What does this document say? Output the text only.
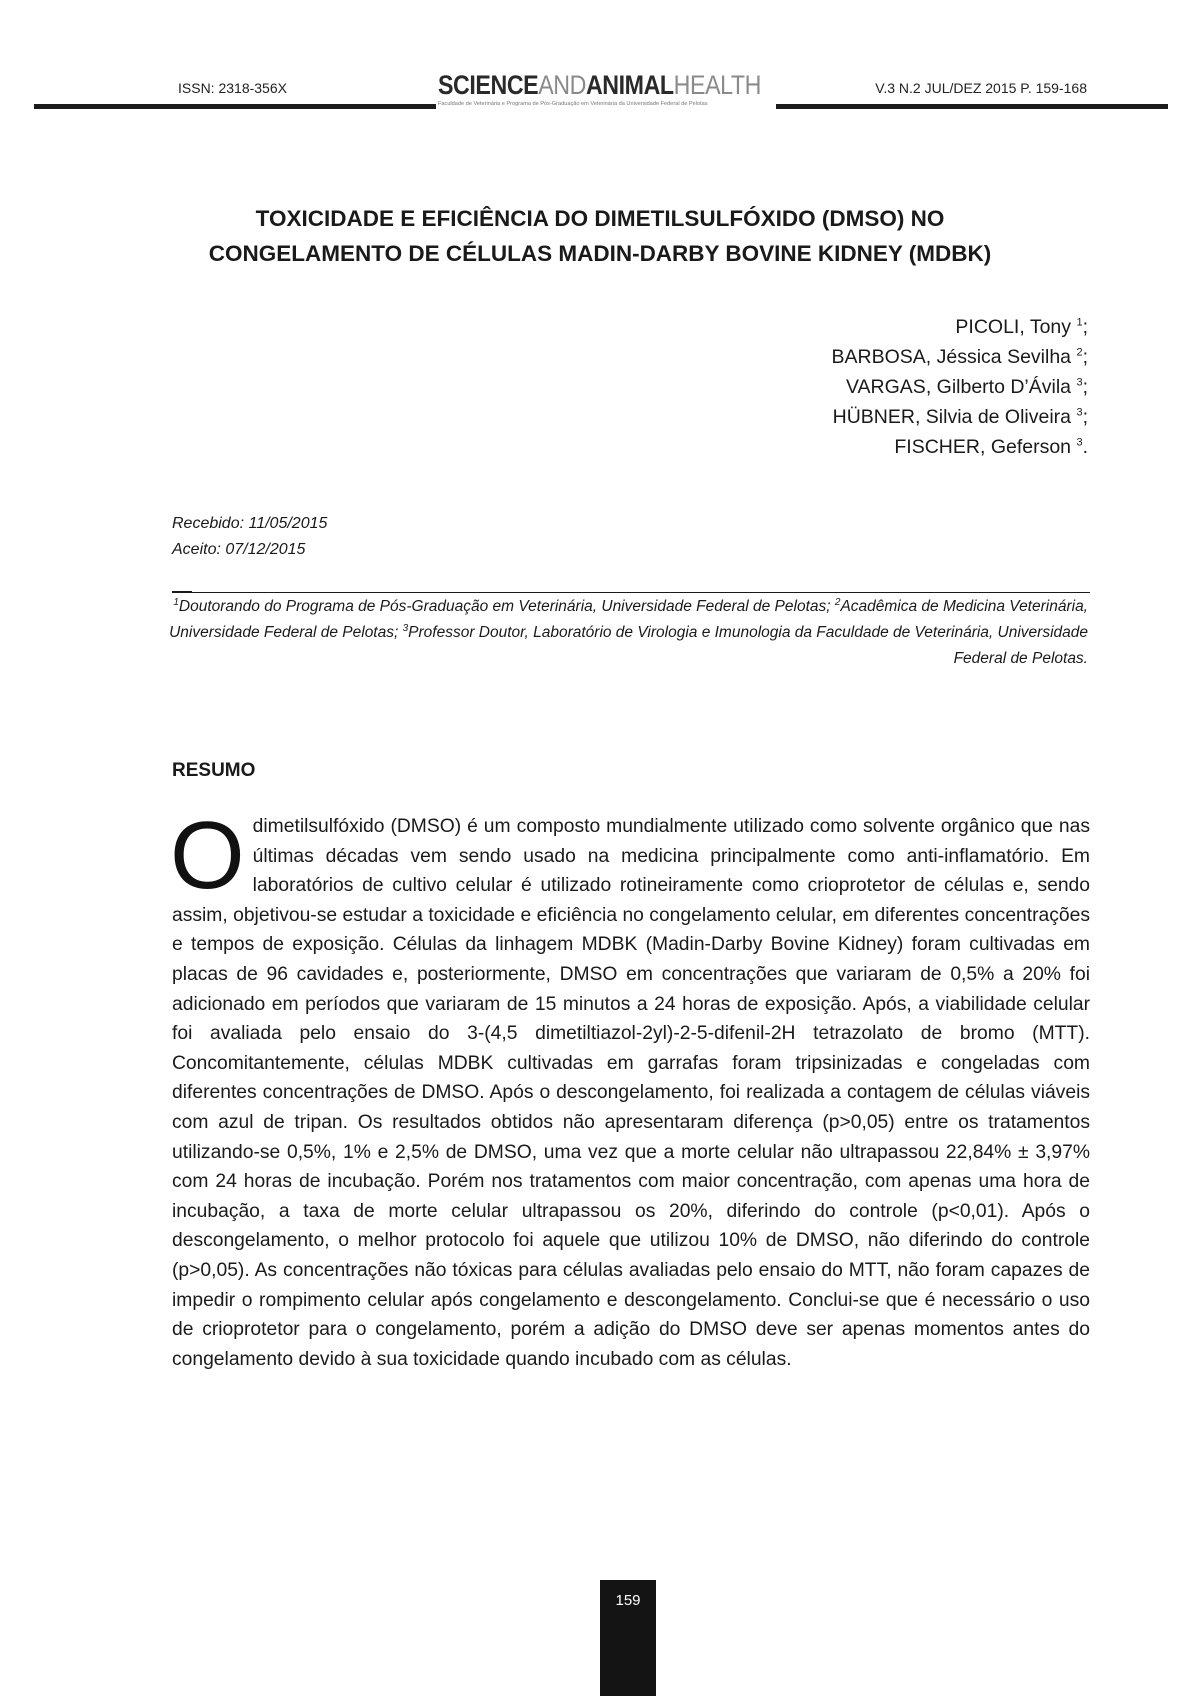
ISSN: 2318-356X	SCIENCEANDANIMALHEALTH
Faculdade de Veterinária e Programa de Pós-Graduação em Veterinária da Universidade Federal de Pelotas
V.3 N.2 JUL/DEZ 2015 P. 159-168
TOXICIDADE E EFICIÊNCIA DO DIMETILSULFÓXIDO (DMSO) NO
CONGELAMENTO DE CÉLULAS MADIN-DARBY BOVINE KIDNEY (MDBK)
PICOLI, Tony $^1$;
BARBOSA, Jéssica Sevilha $^2$;
VARGAS, Gilberto D’Ávila $^3$;
HÜBNER, Silvia de Oliveira $^3$;
FISCHER, Geferson $^3$.
Recebido: 11/05/2015
Aceito: 07/12/2015
$^1$Doutorando do Programa de Pós-Graduação em Veterinária, Universidade Federal de Pelotas; $^2$Acadêmica de Medicina Veterinária, Universidade Federal de Pelotas; $^3$Professor Doutor, Laboratório de Virologia e Imunologia da Faculdade de Veterinária, Universidade Federal de Pelotas.
RESUMO
O dimetilsulfóxido (DMSO) é um composto mundialmente utilizado como solvente orgânico que nas últimas décadas vem sendo usado na medicina principalmente como anti-inflamatório. Em laboratórios de cultivo celular é utilizado rotineiramente como crioprotetor de células e, sendo assim, objetivou-se estudar a toxicidade e eficiência no congelamento celular, em diferentes concentrações e tempos de exposição. Células da linhagem MDBK (Madin-Darby Bovine Kidney) foram cultivadas em placas de 96 cavidades e, posteriormente, DMSO em concentrações que variaram de 0,5% a 20% foi adicionado em períodos que variaram de 15 minutos a 24 horas de exposição. Após, a viabilidade celular foi avaliada pelo ensaio do 3-(4,5 dimetiltiazol-2yl)-2-5-difenil-2H tetrazolato de bromo (MTT). Concomitantemente, células MDBK cultivadas em garrafas foram tripsinizadas e congeladas com diferentes concentrações de DMSO. Após o descongelamento, foi realizada a contagem de células viáveis com azul de tripan. Os resultados obtidos não apresentaram diferença (p>0,05) entre os tratamentos utilizando-se 0,5%, 1% e 2,5% de DMSO, uma vez que a morte celular não ultrapassou 22,84% ± 3,97% com 24 horas de incubação. Porém nos tratamentos com maior concentração, com apenas uma hora de incubação, a taxa de morte celular ultrapassou os 20%, diferindo do controle (p<0,01). Após o descongelamento, o melhor protocolo foi aquele que utilizou 10% de DMSO, não diferindo do controle (p>0,05). As concentrações não tóxicas para células avaliadas pelo ensaio do MTT, não foram capazes de impedir o rompimento celular após congelamento e descongelamento. Conclui-se que é necessário o uso de crioprotetor para o congelamento, porém a adição do DMSO deve ser apenas momentos antes do congelamento devido à sua toxicidade quando incubado com as células.
159
